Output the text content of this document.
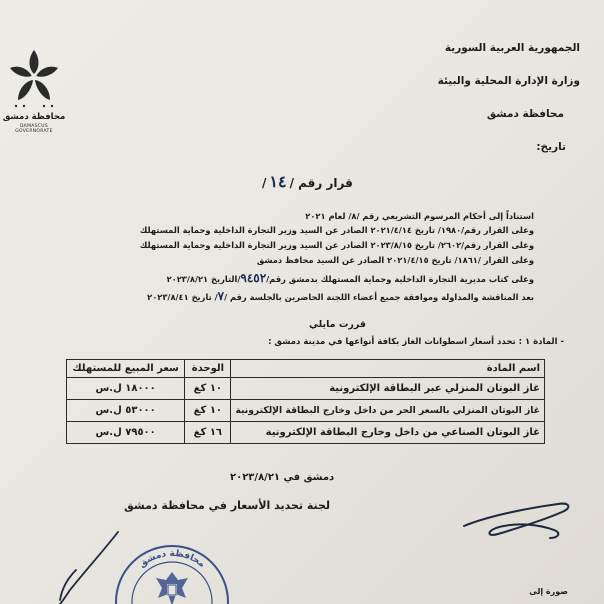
محافظة دمشق
DAMASCUS GOVERNORATE
الجمهورية العربية السورية
وزارة الإدارة المحلية والبيئة
محافظة دمشق
تاريخ:
قرار رقم /١٤/
استناداً إلى أحكام المرسوم التشريعي رقم /٨/ لعام ٢٠٢١
وعلى القرار رقم/١٩٨٠/ تاريخ ٢٠٢١/٤/١٤ الصادر عن السيد وزير التجارة الداخلية وحماية المستهلك
وعلى القرار رقم/٢٦٠٢/ تاريخ ٢٠٢٣/٨/١٥ الصادر عن السيد وزير التجارة الداخلية وحماية المستهلك
وعلى القرار /١٨٦١/ تاريخ ٢٠٢١/٤/١٥ الصادر عن السيد محافظ دمشق
وعلى كتاب مديرية التجارة الداخلية وحماية المستهلك بدمشق رقم/٩٤٥٢/التاريخ ٢٠٢٣/٨/٢١
بعد المناقشة والمداولة وموافقة جميع أعضاء اللجنة الحاضرين بالجلسة رقم /٧/ تاريخ ٢٠٢٣/٨/٤١
قررت مايلي
- المادة ١ : تحدد أسعار اسطوانات الغاز بكافة أنواعها في مدينة دمشق :
اسم المادة	الوحدة	سعر المبيع للمستهلك
غاز البوتان المنزلي عبر البطاقة الإلكترونية	١٠ كغ	١٨٠٠٠ ل.س
غاز البوتان المنزلي بالسعر الحر من داخل وخارج البطاقة الإلكترونية	١٠ كغ	٥٣٠٠٠ ل.س
غاز البوتان الصناعي من داخل وخارج البطاقة الإلكترونية	١٦ كغ	٧٩٥٠٠ ل.س
دمشق في ٢٠٢٣/٨/٢١
لجنة تحديد الأسعار في محافظة دمشق
محافظة دمشق
صورة إلى
